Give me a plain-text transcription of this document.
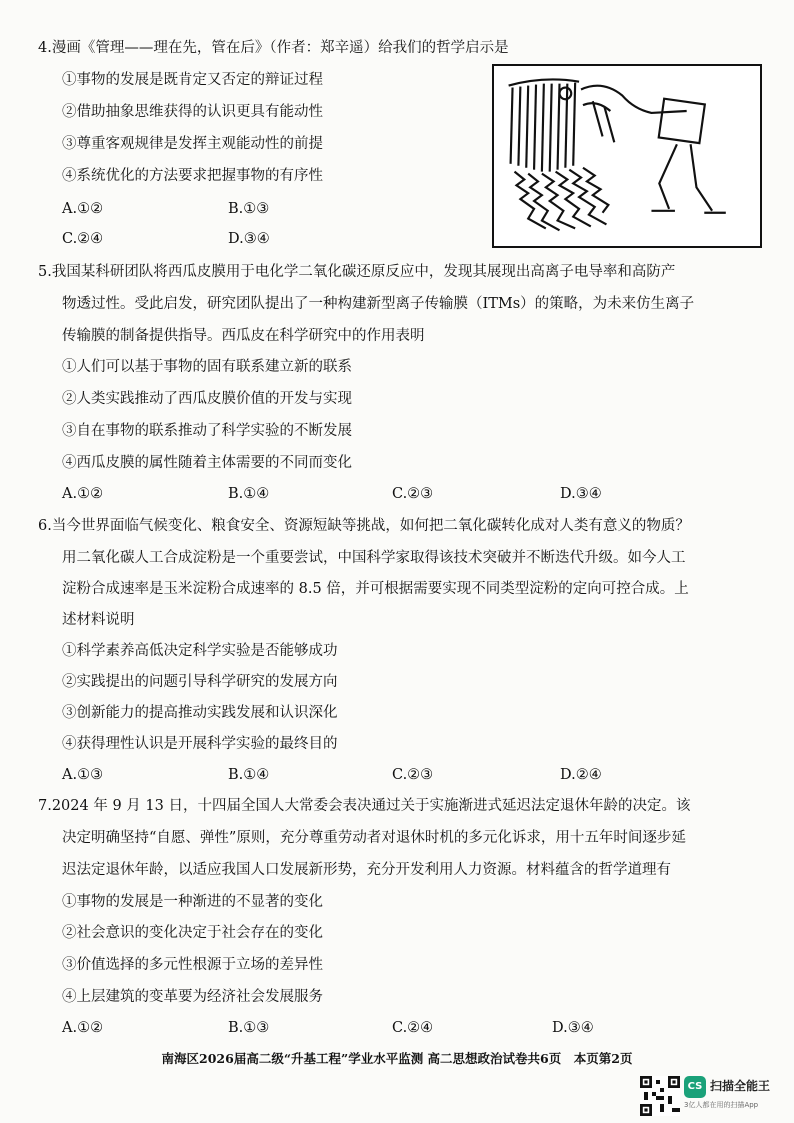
4.漫画《管理——理在先，管在后》（作者：郑辛遥）给我们的哲学启示是
①事物的发展是既肯定又否定的辩证过程
②借助抽象思维获得的认识更具有能动性
③尊重客观规律是发挥主观能动性的前提
④系统优化的方法要求把握事物的有序性
A.①②	B.①③
C.②④	D.③④
5.我国某科研团队将西瓜皮膜用于电化学二氧化碳还原反应中，发现其展现出高离子电导率和高防产
物透过性。受此启发，研究团队提出了一种构建新型离子传输膜（ITMs）的策略，为未来仿生离子
传输膜的制备提供指导。西瓜皮在科学研究中的作用表明
①人们可以基于事物的固有联系建立新的联系
②人类实践推动了西瓜皮膜价值的开发与实现
③自在事物的联系推动了科学实验的不断发展
④西瓜皮膜的属性随着主体需要的不同而变化
A.①②	B.①④	C.②③	D.③④
6.当今世界面临气候变化、粮食安全、资源短缺等挑战，如何把二氧化碳转化成对人类有意义的物质？
用二氧化碳人工合成淀粉是一个重要尝试，中国科学家取得该技术突破并不断迭代升级。如今人工
淀粉合成速率是玉米淀粉合成速率的 8.5 倍，并可根据需要实现不同类型淀粉的定向可控合成。上
述材料说明
①科学素养高低决定科学实验是否能够成功
②实践提出的问题引导科学研究的发展方向
③创新能力的提高推动实践发展和认识深化
④获得理性认识是开展科学实验的最终目的
A.①③	B.①④	C.②③	D.②④
7.2024 年 9 月 13 日，十四届全国人大常委会表决通过关于实施渐进式延迟法定退休年龄的决定。该
决定明确坚持“自愿、弹性”原则，充分尊重劳动者对退休时机的多元化诉求，用十五年时间逐步延
迟法定退休年龄，以适应我国人口发展新形势，充分开发利用人力资源。材料蕴含的哲学道理有
①事物的发展是一种渐进的不显著的变化
②社会意识的变化决定于社会存在的变化
③价值选择的多元性根源于立场的差异性
④上层建筑的变革要为经济社会发展服务
A.①②	B.①③	C.②④	D.③④
南海区2026届高二级“升基工程”学业水平监测 高二思想政治试卷共6页　本页第2页
CS 扫描全能王
3亿人都在用的扫描App
